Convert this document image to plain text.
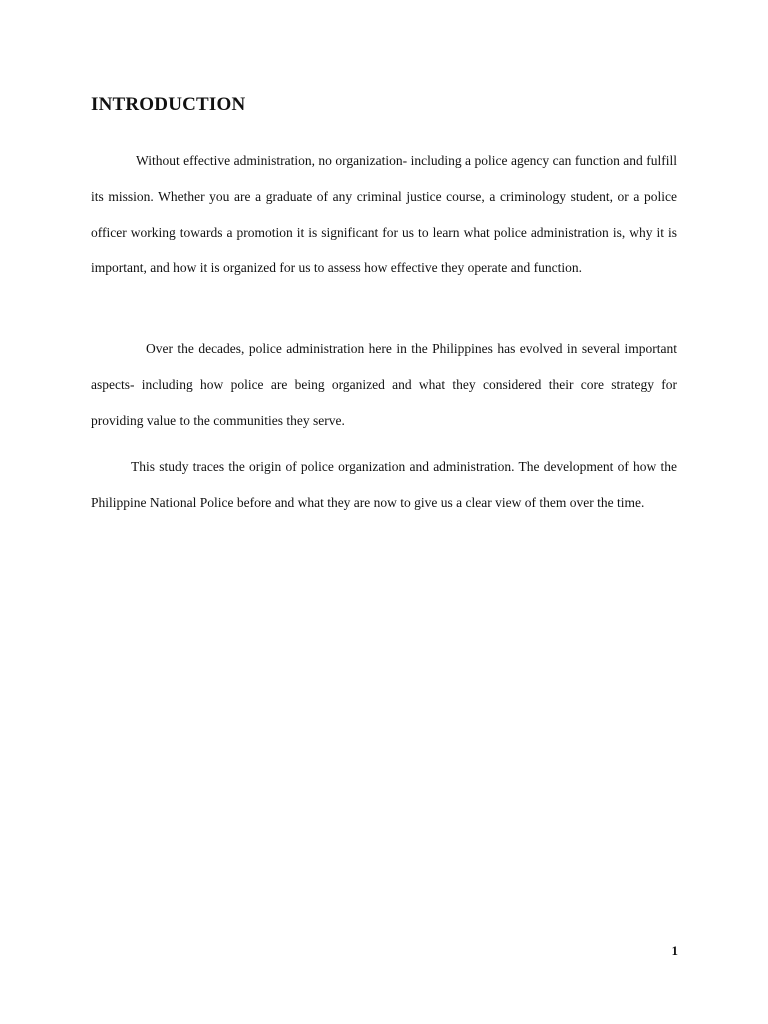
INTRODUCTION

Without effective administration, no organization- including a police agency can function and fulfill its mission. Whether you are a graduate of any criminal justice course, a criminology student, or a police officer working towards a promotion it is significant for us to learn what police administration is, why it is important, and how it is organized for us to assess how effective they operate and function.

Over the decades, police administration here in the Philippines has evolved in several important aspects- including how police are being organized and what they considered their core strategy for providing value to the communities they serve.

This study traces the origin of police organization and administration. The development of how the Philippine National Police before and what they are now to give us a clear view of them over the time.

1
